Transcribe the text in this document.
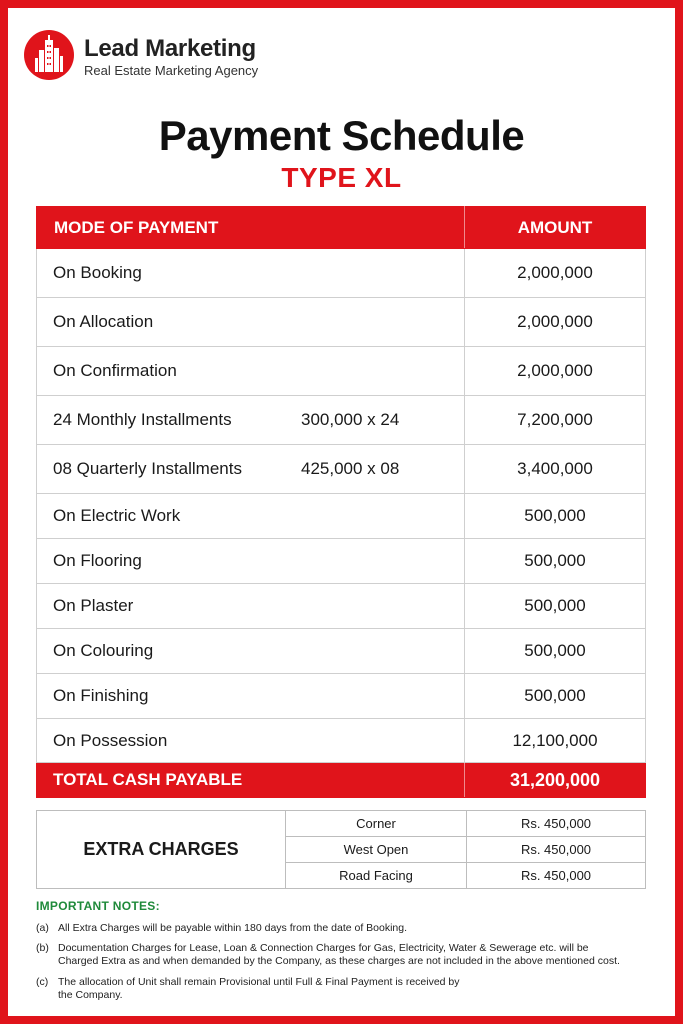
Lead Marketing
Real Estate Marketing Agency
Payment Schedule
TYPE XL
MODE OF PAYMENT	AMOUNT

On Booking	2,000,000

On Allocation	2,000,000

On Confirmation	2,000,000

24 Monthly Installments 300,000 x 24	7,200,000

08 Quarterly Installments 425,000 x 08	3,400,000

On Electric Work	500,000

On Flooring	500,000

On Plaster	500,000

On Colouring	500,000

On Finishing	500,000

On Possession	12,100,000
TOTAL CASH PAYABLE	31,200,000
EXTRA CHARGES	Corner	Rs. 450,000
	West Open	Rs. 450,000
	Road Facing	Rs. 450,000
IMPORTANT NOTES:
(a) All Extra Charges will be payable within 180 days from the date of Booking.
(b) Documentation Charges for Lease, Loan & Connection Charges for Gas, Electricity, Water & Sewerage etc. will be
Charged Extra as and when demanded by the Company, as these charges are not included in the above mentioned cost.
(c) The allocation of Unit shall remain Provisional until Full & Final Payment is received by
the Company.
